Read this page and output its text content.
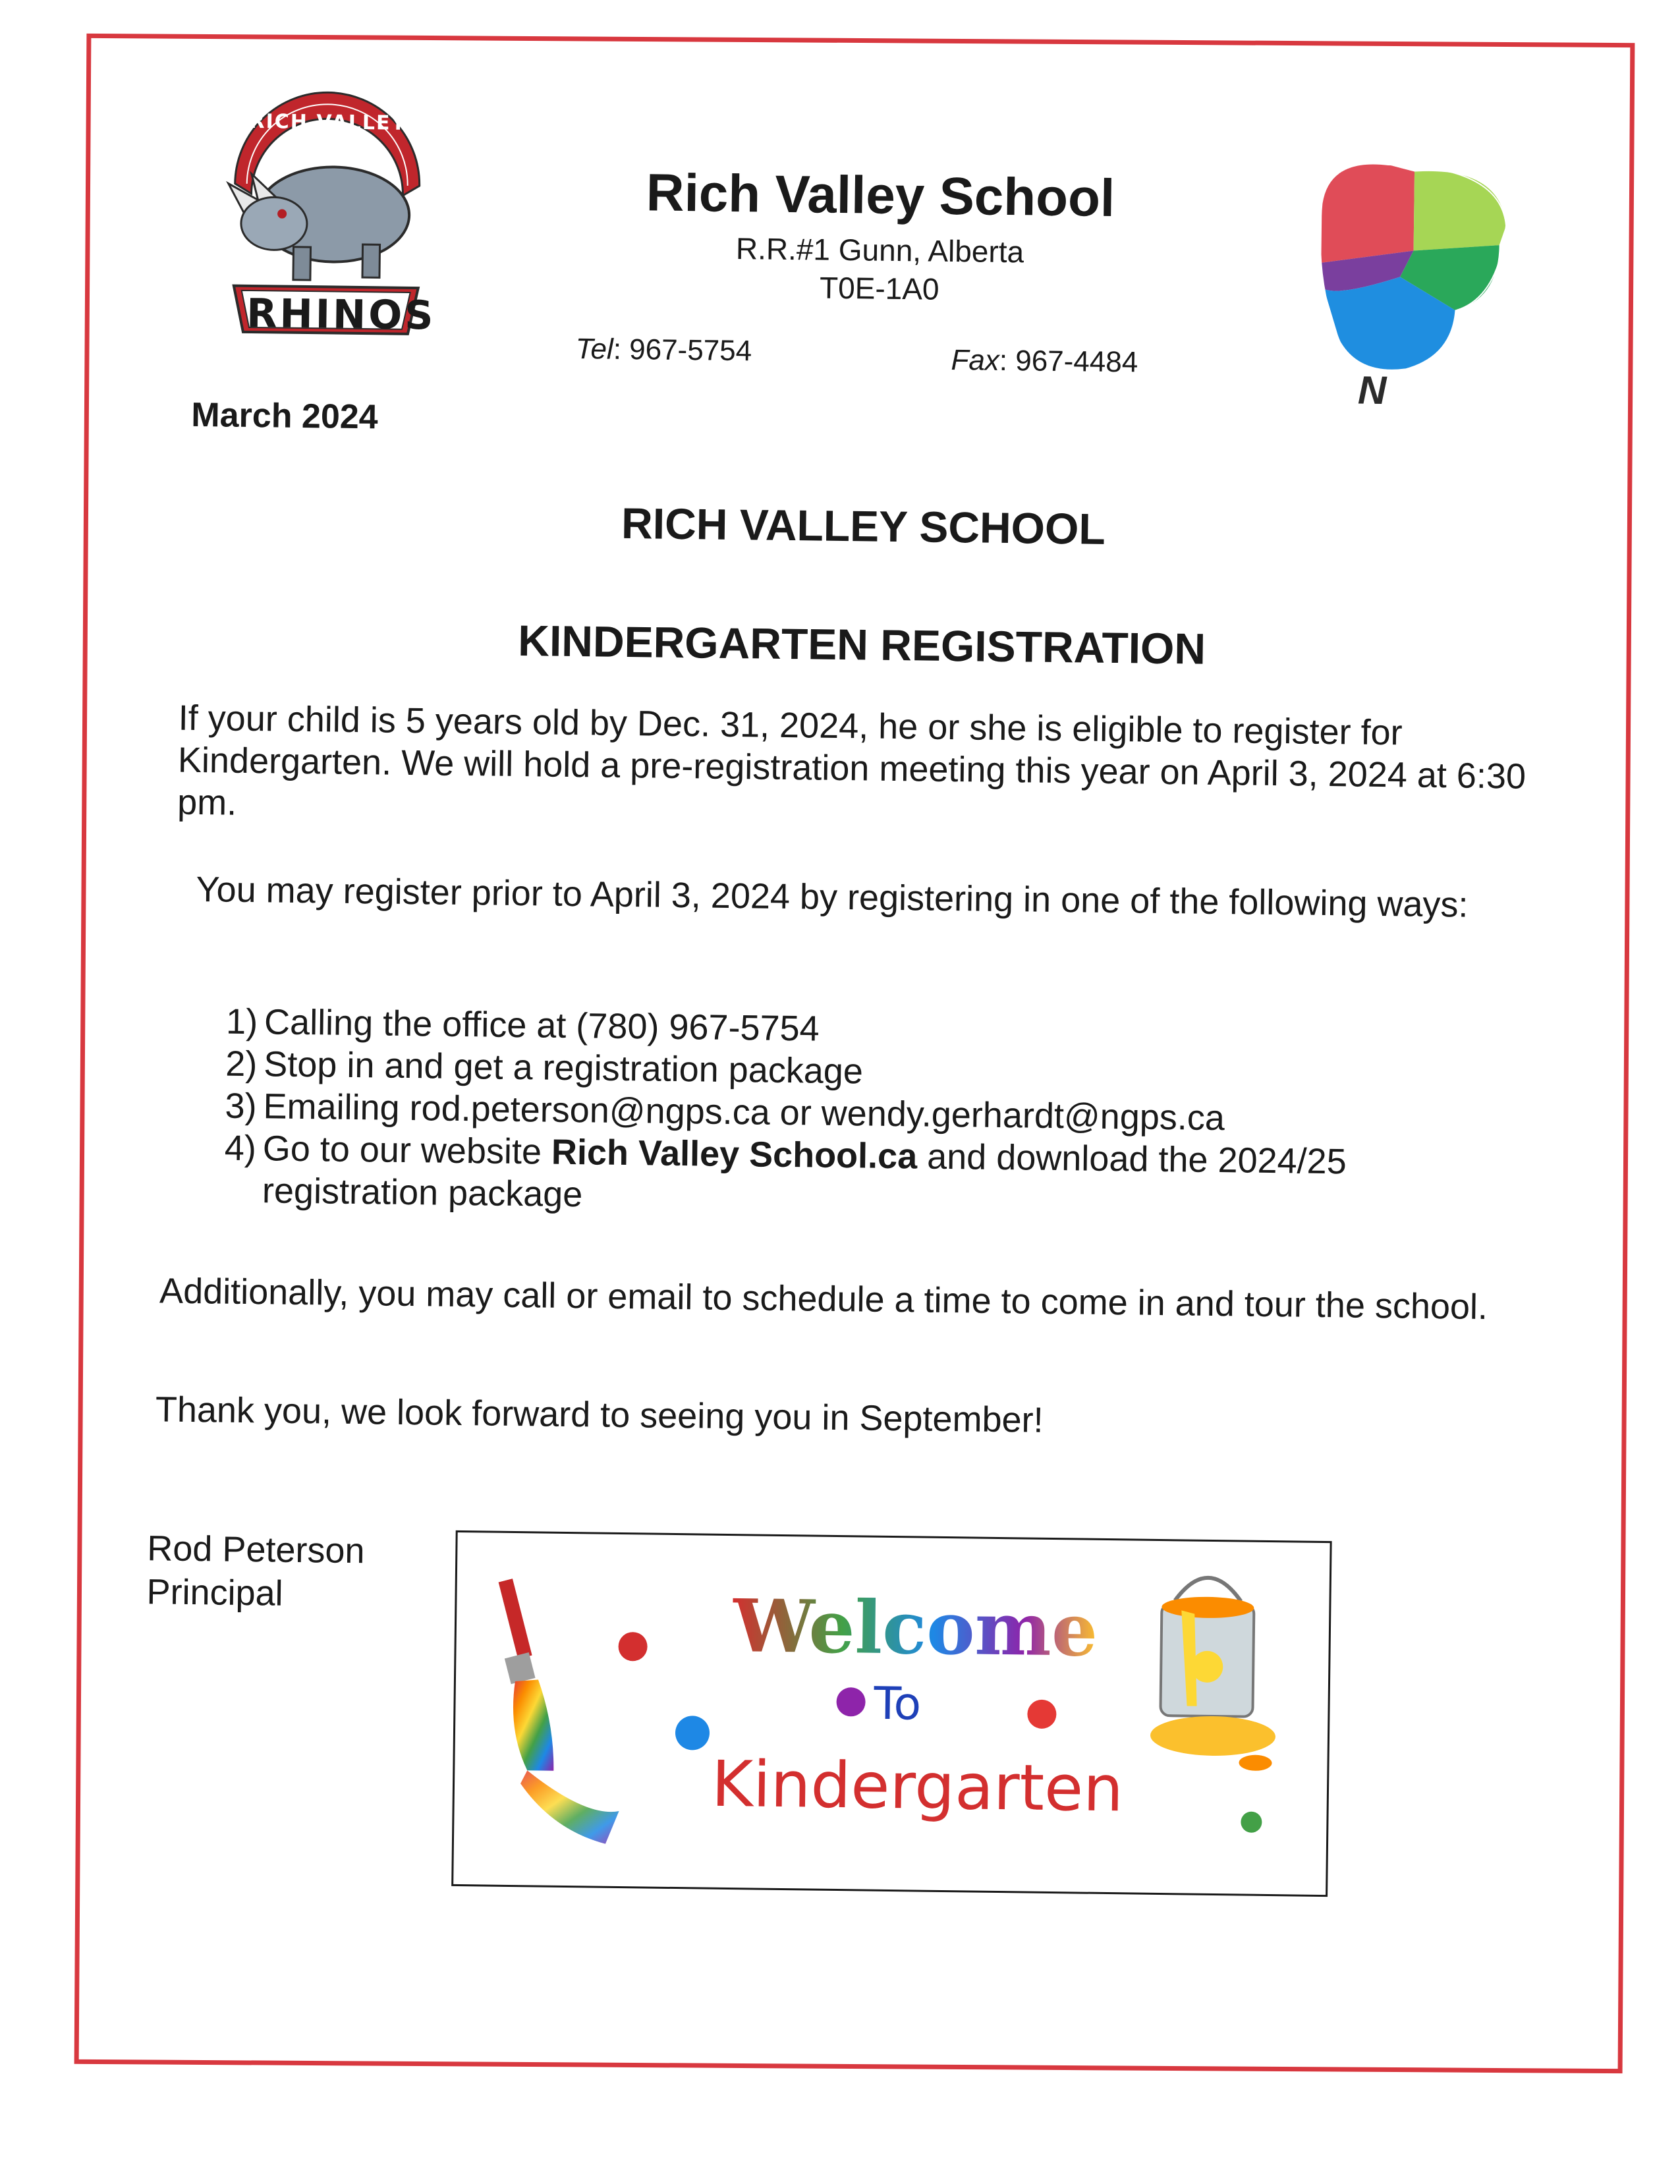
RICH VALLEY
RHINOS
Rich Valley School
R.R.#1 Gunn, Alberta
T0E-1A0
Tel: 967-5754	Fax: 967-4484
N
March 2024
RICH VALLEY SCHOOL
KINDERGARTEN REGISTRATION
If your child is 5 years old by Dec. 31, 2024, he or she is eligible to register for Kindergarten. We will hold a pre-registration meeting this year on April 3, 2024 at 6:30 pm.
You may register prior to April 3, 2024 by registering in one of the following ways:
1) Calling the office at (780) 967-5754
2) Stop in and get a registration package
3) Emailing rod.peterson@ngps.ca or wendy.gerhardt@ngps.ca
4) Go to our website Rich Valley School.ca and download the 2024/25 registration package
Additionally, you may call or email to schedule a time to come in and tour the school.
Thank you, we look forward to seeing you in September!
Rod Peterson
Principal	Welcome
To
Kindergarten
